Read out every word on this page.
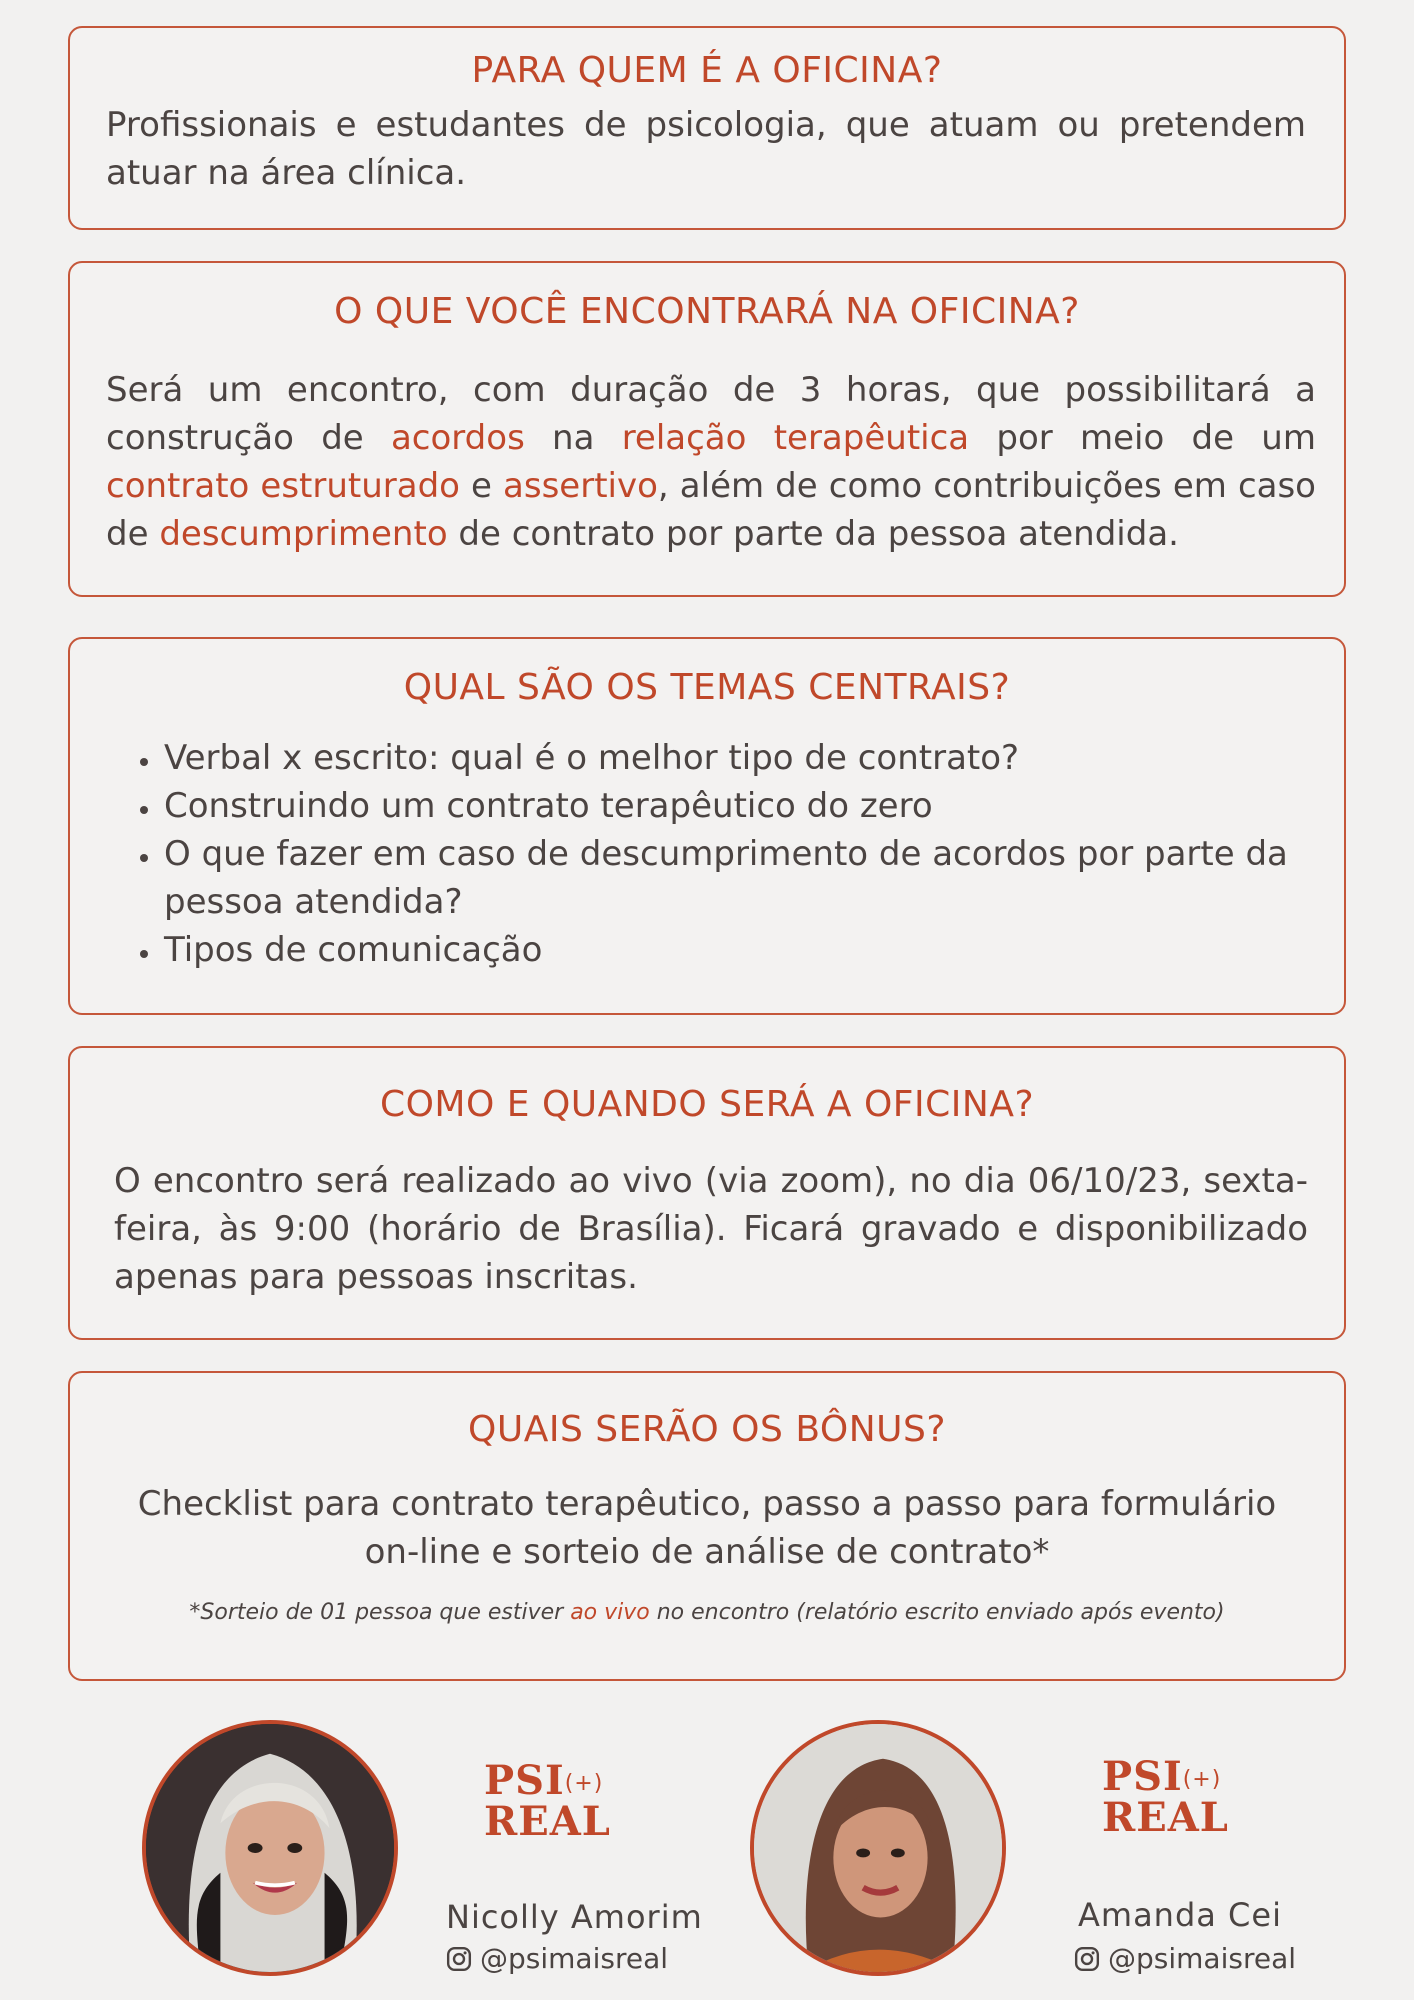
PARA QUEM É A OFICINA?

Profissionais e estudantes de psicologia, que atuam ou pretendem atuar na área clínica.

O QUE VOCÊ ENCONTRARÁ NA OFICINA?

Será um encontro, com duração de 3 horas, que possibilitará a construção de acordos na relação terapêutica por meio de um contrato estruturado e assertivo, além de como contribuições em caso de descumprimento de contrato por parte da pessoa atendida.

QUAL SÃO OS TEMAS CENTRAIS?
• Verbal x escrito: qual é o melhor tipo de contrato?
• Construindo um contrato terapêutico do zero
• O que fazer em caso de descumprimento de acordos por parte da pessoa atendida?
• Tipos de comunicação
COMO E QUANDO SERÁ A OFICINA?

O encontro será realizado ao vivo (via zoom), no dia 06/10/23, sexta-feira, às 9:00 (horário de Brasília). Ficará gravado e disponibilizado apenas para pessoas inscritas.

QUAIS SERÃO OS BÔNUS?

Checklist para contrato terapêutico, passo a passo para formulário on-line e sorteio de análise de contrato*

*Sorteio de 01 pessoa que estiver ao vivo no encontro (relatório escrito enviado após evento)
PSI(+)
REAL
Nicolly Amorim
@psimaisreal
PSI(+)
REAL
Amanda Cei
@psimaisreal
